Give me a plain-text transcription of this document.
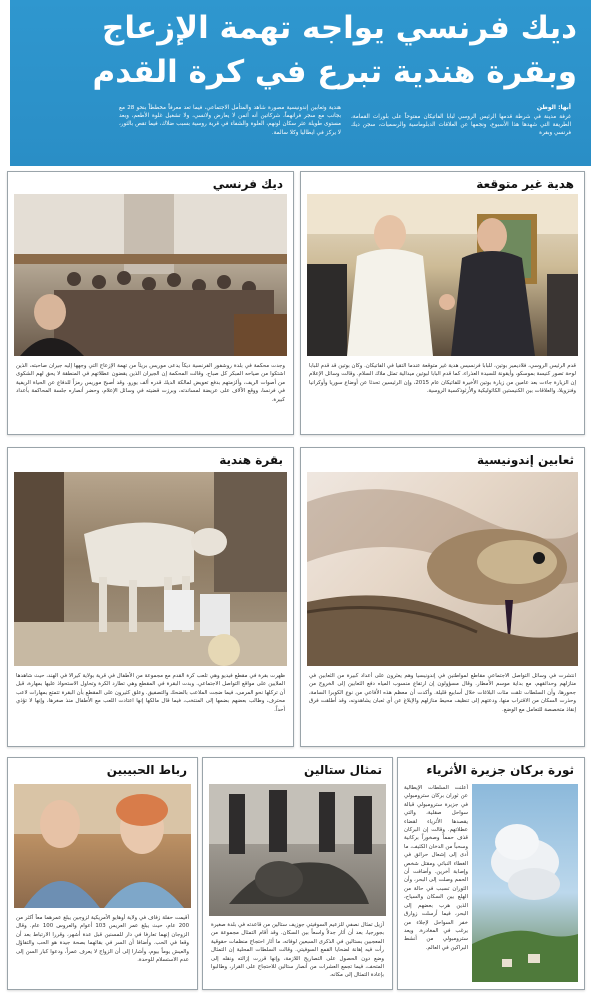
ديك فرنسي يواجه تهمة الإزعاج
وبقرة هندية تبرع في كرة القدم
أبها: الوطن
غرفة مدينة في شرطة قدمها الرئيس الروسي لبابا الفاتيكان مفتوحاً على بلورات القمامة، الطريقة التي شهدها هذا الأسبوع، ونجمها عن العلاقات الدبلوماسية والرسميات، سجن ديك فرنسي وبقرة
هندية وثعابين إندونيسية مصورة شاهد والمتأمل الاجتماعي، فيما تعد معرفاً مخططاً بنحو 28 مع بجانب مع سجر فرانهماً، شركاتين أنه أثمن لا يعارض ولانسي، ولا تشغيل غلوة الأطعم، وبعد مستوى طويلة عثر سكان لونهم، العلوة والشفاء في قرية روسية بسبب ضلاك، فيما تقص بالثور، لا يركز في ايطاليا وكلا سالمة.
هدية غير متوقعة
قدم الرئيس الروسي، فلاديمير بوتين، للبابا فرنسيس هدية غير متوقعة عندما التقيا في الفاتيكان. وكان بوتين قد قدم للبابا لوحة تصور كنيسة بموسكو، وأيقونة للسيدة العذراء، كما قدم البابا لبوتين ميدالية تمثل ملاك السلام. وقالت وسائل الإعلام إن الزيارة جاءت بعد عامين من زيارة بوتين الأخيرة للفاتيكان عام 2015، وإن الرئيسين تحدثا عن أوضاع سوريا وأوكرانيا وفنزويلا، والعلاقات بين الكنيستين الكاثوليكية والأرثوذكسية الروسية.
ديك فرنسي
وجدت محكمة في بلدة روشفور الفرنسية ديكاً يدعى موريس بريئاً من تهمة الإزعاج التي وجهها إليه جيران صاحبته، الذين اشتكوا من صياحه المبكر كل صباح. وقالت المحكمة إن الجيران الذين يقضون عطلاتهم في المنطقة لا يحق لهم الشكوى من أصوات الريف، وألزمتهم بدفع تعويض لمالكة الديك قدره ألف يورو. وقد أصبح موريس رمزاً للدفاع عن الحياة الريفية في فرنسا، ووقع الآلاف على عريضة لمساندته، وبرزت قضيته في وسائل الإعلام، وحضر أنصاره جلسة المحاكمة بأعداد كبيرة.
ثعابين إندونيسية
انتشرت في وسائل التواصل الاجتماعي مقاطع لمواطنين في إندونيسيا وهم يعثرون على أعداد كبيرة من الثعابين في منازلهم وحدائقهم، مع بداية موسم الأمطار. وقال مسؤولون إن ارتفاع منسوب المياه دفع الثعابين إلى الخروج من جحورها، وأن السلطات تلقت مئات البلاغات خلال أسابيع قليلة. وأكدت أن معظم هذه الأفاعي من نوع الكوبرا السامة، وحذرت السكان من الاقتراب منها، ودعتهم إلى تنظيف محيط منازلهم والإبلاغ عن أي ثعبان يشاهدونه، وقد أطلقت فرق إنقاذ متخصصة للتعامل مع الوضع.
بقرة هندية
ظهرت بقرة في مقطع فيديو وهي تلعب كرة القدم مع مجموعة من الأطفال في قرية بولاية كيرالا في الهند، حيث شاهدها الملايين على مواقع التواصل الاجتماعي. وبدت البقرة في المقطع وهي تطارد الكرة وتحاول الاستحواذ عليها بمهارة، قبل أن تركلها نحو المرمى، فيما ضجت الملاعب بالضحك والتصفيق. وعلق كثيرون على المقطع بأن البقرة تتمتع بمهارات لاعب محترف، وطالب بعضهم بضمها إلى المنتخب، فيما قال مالكها إنها اعتادت اللعب مع الأطفال منذ صغرها، وإنها لا تؤذي أحداً.
ثورة بركان جزيرة الأثرياء
أعلنت السلطات الإيطالية عن ثوران بركان سترومبولي في جزيرة سترومبولي قبالة سواحل صقلية، والتي يقصدها الأثرياء لقضاء عطلاتهم. وقالت إن البركان قذف حمماً وصخوراً بركانية وسحباً من الدخان الكثيف، ما أدى إلى إشعال حرائق في الغطاء النباتي ومقتل شخص وإصابة آخرين. وأضافت أن الحمم وصلت إلى البحر، وأن الثوران تسبب في حالة من الهلع بين السكان والسياح، الذين هرب بعضهم إلى البحر، فيما أرسلت زوارق خفر السواحل لإجلاء من يرغب في المغادرة. ويعد سترومبولي من أنشط البراكين في العالم.
تمثال ستالين
أزيل تمثال نصفي للزعيم السوفيتي جوزيف ستالين من قاعدته في بلدة صغيرة بجورجيا، بعد أن أثار جدلاً واسعاً بين السكان. وقد أقام التمثال مجموعة من المعجبين بستالين في الذكرى السبعين لوفاته، ما أثار احتجاج منظمات حقوقية رأت فيه إهانة لضحايا القمع السوفيتي. وقالت السلطات المحلية إن التمثال وضع دون الحصول على التصاريح اللازمة، وإنها قررت إزالته ونقله إلى المتحف، فيما تجمع العشرات من أنصار ستالين للاحتجاج على القرار، وطالبوا بإعادة التمثال إلى مكانه.
رباط الحبيبين
أقيمت حفلة زفاف في ولاية أوهايو الأمريكية لزوجين يبلغ عمرهما معاً أكثر من 200 عام، حيث يبلغ عمر العريس 103 أعوام والعروس 100 عام. وقال الزوجان إنهما تعارفا في دار للمسنين قبل عدة أشهر، وقررا الارتباط بعد أن وقعا في الحب. وأضافا أن السر في بقائهما بصحة جيدة هو الحب والتفاؤل والعيش يوماً بيوم، وأشارا إلى أن الزواج لا يعرف عمراً، ودعوا كبار السن إلى عدم الاستسلام للوحدة.
